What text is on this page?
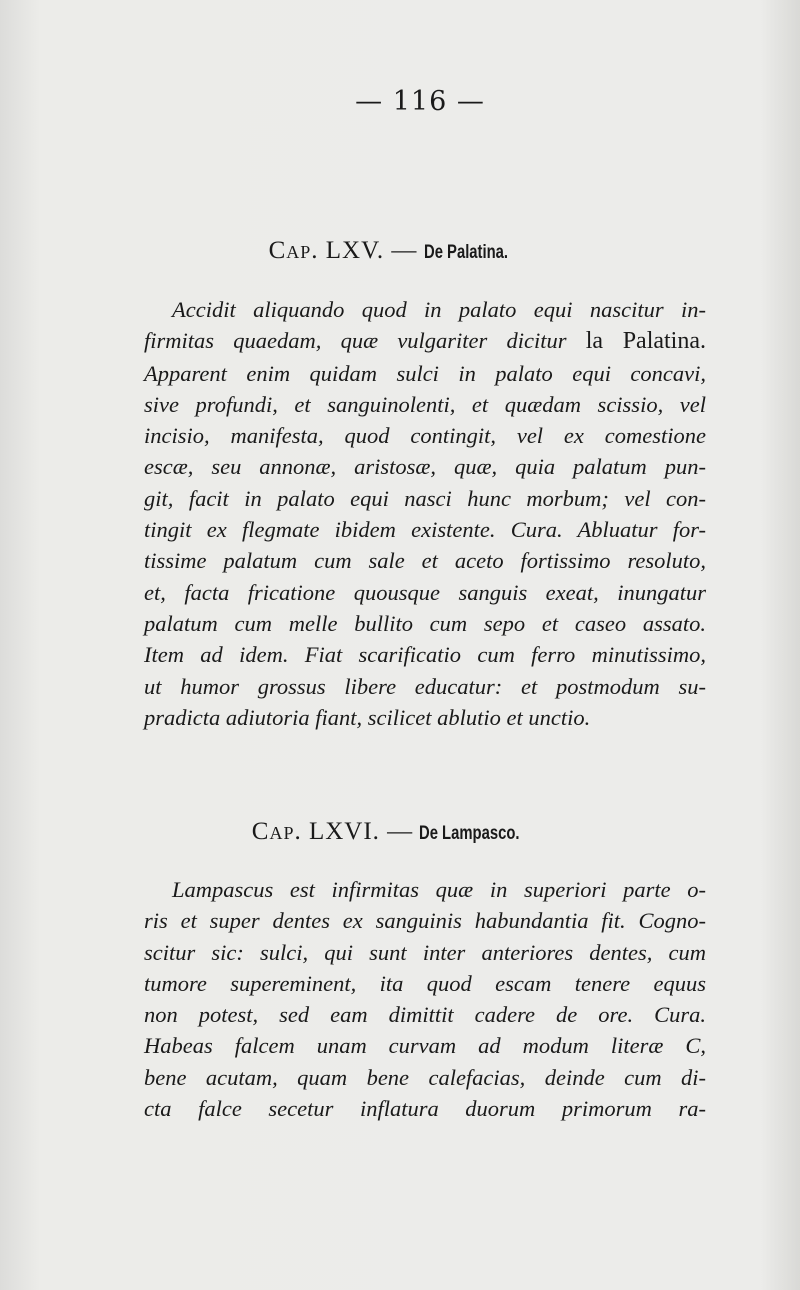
— 116 —
Cap. LXV. — De Palatina.
Accidit aliquando quod in palato equi nascitur in-
firmitas quaedam, quæ vulgariter dicitur la Palatina.
Apparent enim quidam sulci in palato equi concavi,
sive profundi, et sanguinolenti, et quædam scissio, vel
incisio, manifesta, quod contingit, vel ex comestione
escæ, seu annonæ, aristosæ, quæ, quia palatum pun-
git, facit in palato equi nasci hunc morbum; vel con-
tingit ex flegmate ibidem existente. Cura. Abluatur for-
tissime palatum cum sale et aceto fortissimo resoluto,
et, facta fricatione quousque sanguis exeat, inungatur
palatum cum melle bullito cum sepo et caseo assato.
Item ad idem. Fiat scarificatio cum ferro minutissimo,
ut humor grossus libere educatur: et postmodum su-
pradicta adiutoria fiant, scilicet ablutio et unctio.
Cap. LXVI. — De Lampasco.
Lampascus est infirmitas quæ in superiori parte o-
ris et super dentes ex sanguinis habundantia fit. Cogno-
scitur sic: sulci, qui sunt inter anteriores dentes, cum
tumore supereminent, ita quod escam tenere equus
non potest, sed eam dimittit cadere de ore. Cura.
Habeas falcem unam curvam ad modum literæ C,
bene acutam, quam bene calefacias, deinde cum di-
cta falce secetur inflatura duorum primorum ra-
